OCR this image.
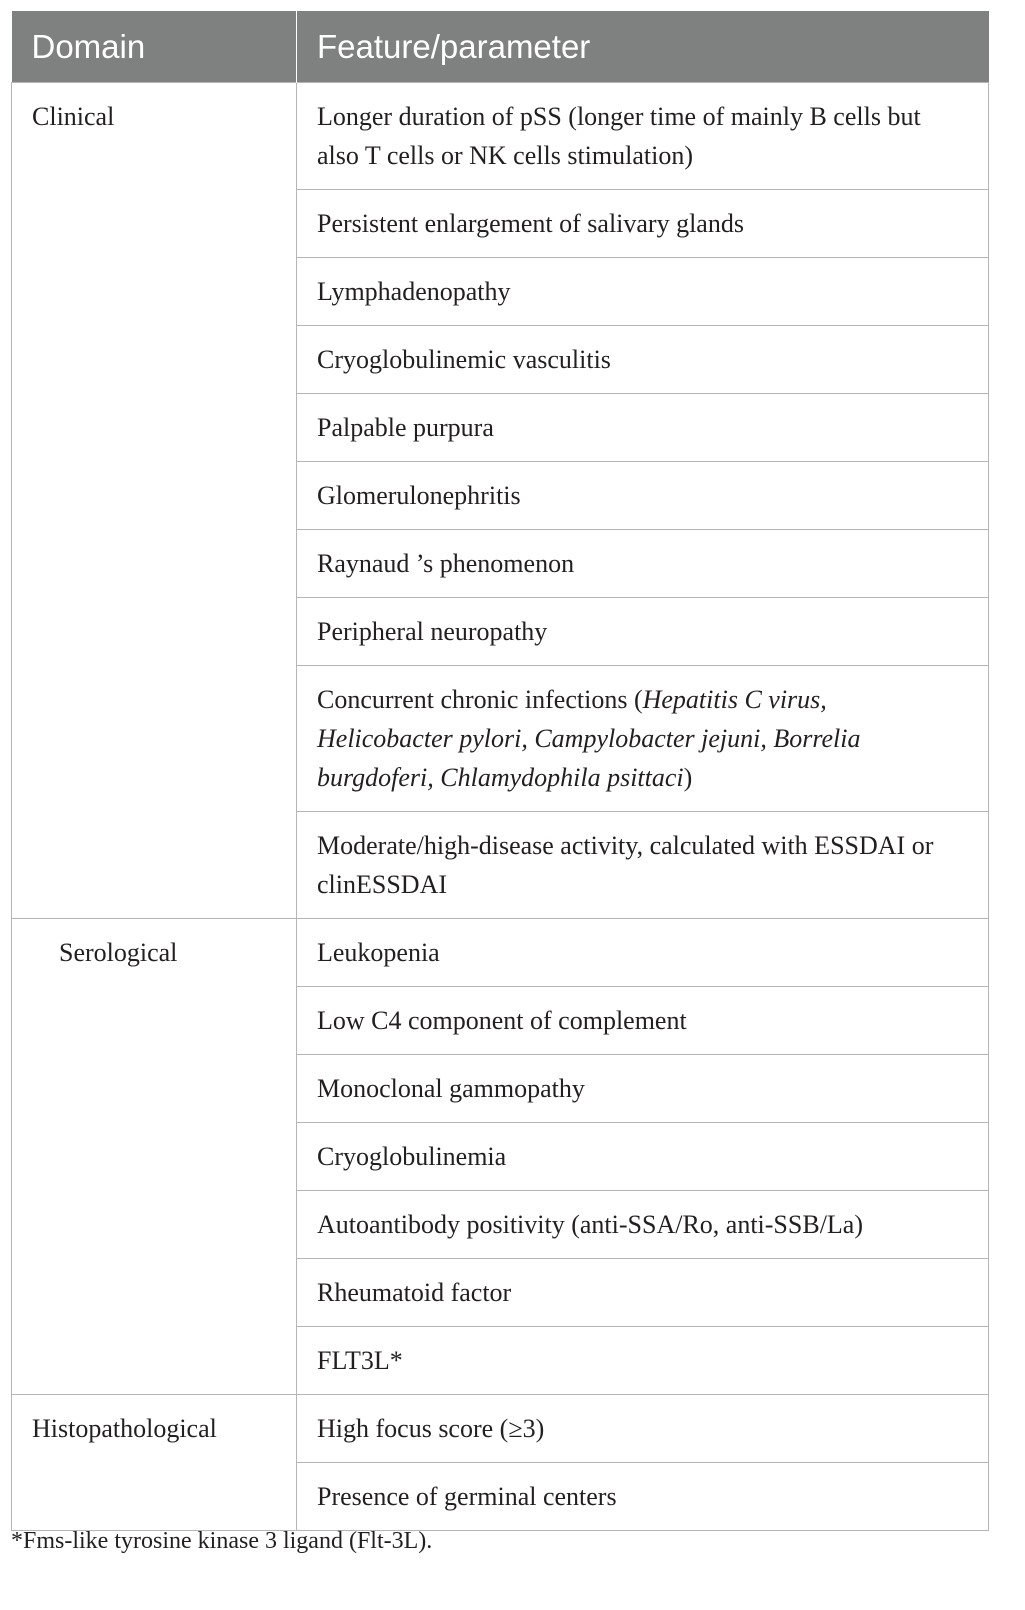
Domain	Feature/parameter
Clinical	Longer duration of pSS (longer time of mainly B cells but also T cells or NK cells stimulation)
	Persistent enlargement of salivary glands
	Lymphadenopathy
	Cryoglobulinemic vasculitis
	Palpable purpura
	Glomerulonephritis
	Raynaud ’s phenomenon
	Peripheral neuropathy
	Concurrent chronic infections (Hepatitis C virus, Helicobacter pylori, Campylobacter jejuni, Borrelia burgdoferi, Chlamydophila psittaci)
	Moderate/high-disease activity, calculated with ESSDAI or clinESSDAI
Serological	Leukopenia
	Low C4 component of complement
	Monoclonal gammopathy
	Cryoglobulinemia
	Autoantibody positivity (anti-SSA/Ro, anti-SSB/La)
	Rheumatoid factor
	FLT3L*
Histopathological	High focus score (≥3)
	Presence of germinal centers
*Fms-like tyrosine kinase 3 ligand (Flt-3L).
